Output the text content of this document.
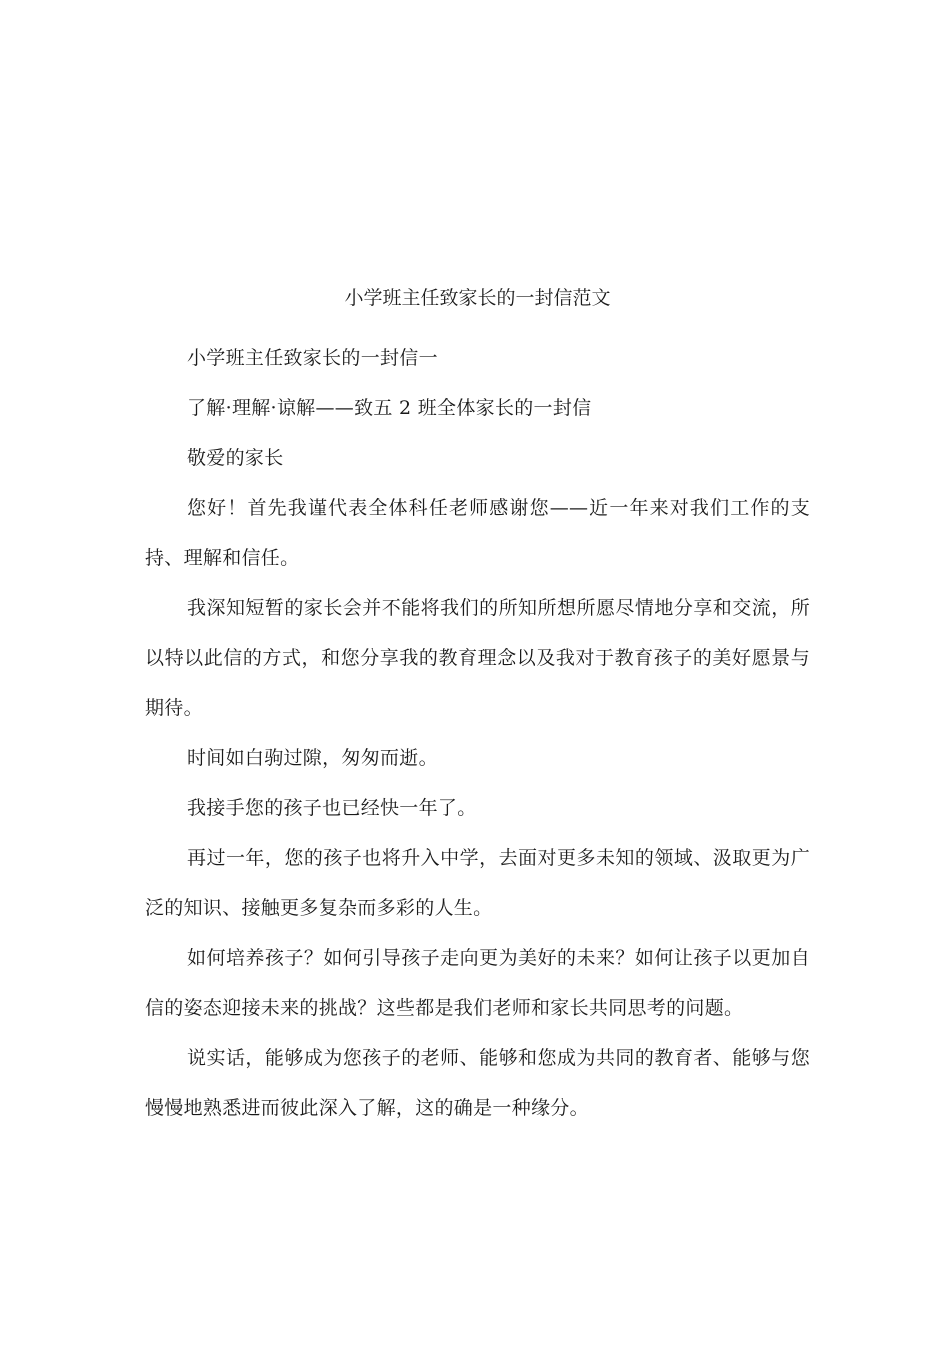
小学班主任致家长的一封信范文

小学班主任致家长的一封信一

了解·理解·谅解——致五 2 班全体家长的一封信

敬爱的家长

您好！首先我谨代表全体科任老师感谢您——近一年来对我们工作的支持、理解和信任。

我深知短暂的家长会并不能将我们的所知所想所愿尽情地分享和交流，所以特以此信的方式，和您分享我的教育理念以及我对于教育孩子的美好愿景与期待。

时间如白驹过隙，匆匆而逝。

我接手您的孩子也已经快一年了。

再过一年，您的孩子也将升入中学，去面对更多未知的领域、汲取更为广泛的知识、接触更多复杂而多彩的人生。

如何培养孩子？如何引导孩子走向更为美好的未来？如何让孩子以更加自信的姿态迎接未来的挑战？这些都是我们老师和家长共同思考的问题。

说实话，能够成为您孩子的老师、能够和您成为共同的教育者、能够与您慢慢地熟悉进而彼此深入了解，这的确是一种缘分。
